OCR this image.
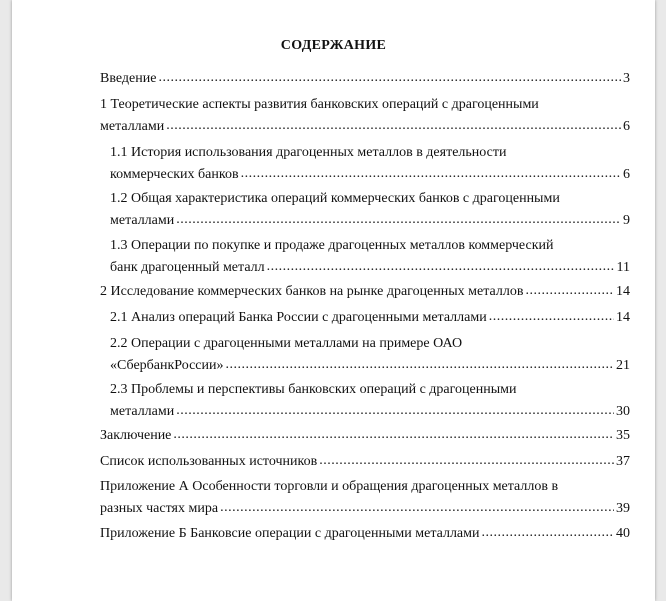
СОДЕРЖАНИЕ
Введение .....	3
1 Теоретические аспекты развития банковских операций с драгоценными
металлами .....	6
1.1 История использования драгоценных металлов в деятельности
коммерческих банков .....	6
1.2 Общая характеристика операций коммерческих банков с драгоценными
металлами .....	9
1.3 Операции по покупке и продаже драгоценных металлов коммерческий
банк драгоценный металл .....	11
2 Исследование коммерческих банков на рынке драгоценных металлов .....	14
2.1 Анализ операций Банка России с драгоценными металлами .....	14
2.2 Операции с драгоценными металлами на примере ОАО
«СбербанкРоссии» .....	21
2.3 Проблемы и перспективы банковских операций с драгоценными
металлами .....	30
Заключение .....	35
Список использованных источников .....	37
Приложение А Особенности торговли и обращения драгоценных металлов в
разных частях мира .....	39
Приложение Б Банковсие операции с драгоценными металлами .....	40
